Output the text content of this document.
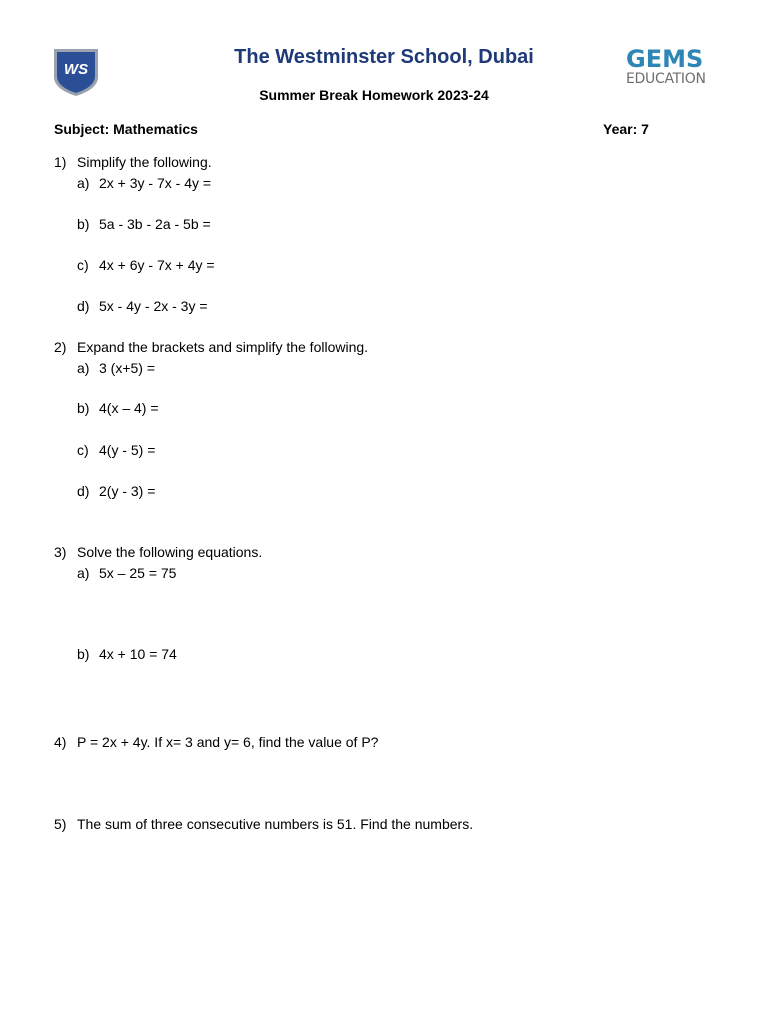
WS	GEMS
EDUCATION
The Westminster School, Dubai
Summer Break Homework 2023-24
Subject: Mathematics	Year: 7
1) Simplify the following.
a) 2x + 3y - 7x - 4y =
b) 5a - 3b - 2a - 5b =
c) 4x + 6y - 7x + 4y =
d) 5x - 4y - 2x - 3y =
2) Expand the brackets and simplify the following.
a) 3 (x+5) =
b) 4(x – 4) =
c) 4(y - 5) =
d) 2(y - 3) =
3) Solve the following equations.
a) 5x – 25 = 75
b) 4x + 10 = 74
4) P = 2x + 4y. If x= 3 and y= 6, find the value of P?
5) The sum of three consecutive numbers is 51. Find the numbers.
